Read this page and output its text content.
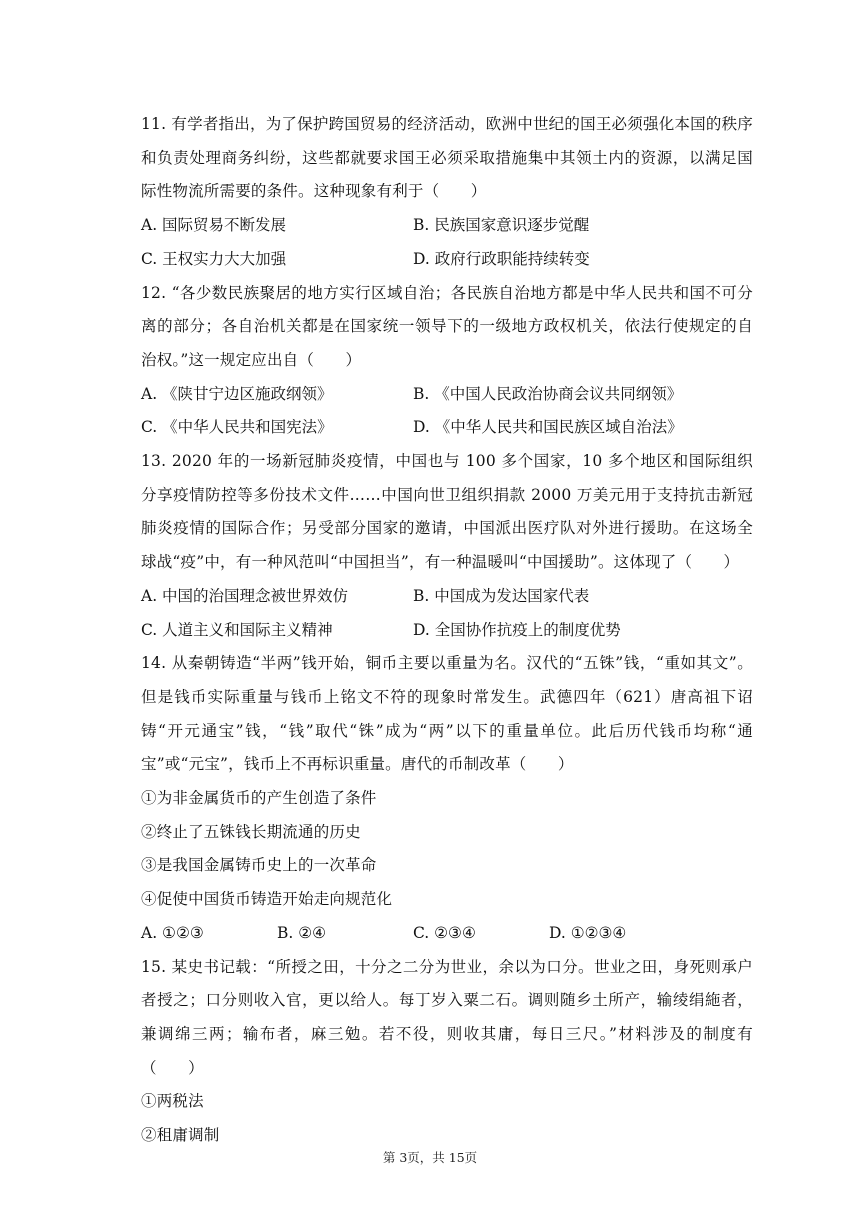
11. 有学者指出，为了保护跨国贸易的经济活动，欧洲中世纪的国王必须强化本国的秩序和负责处理商务纠纷，这些都就要求国王必须采取措施集中其领土内的资源，以满足国际性物流所需要的条件。这种现象有利于（　　）

A. 国际贸易不断发展	B. 民族国家意识逐步觉醒
C. 王权实力大大加强	D. 政府行政职能持续转变

12. “各少数民族聚居的地方实行区域自治；各民族自治地方都是中华人民共和国不可分离的部分；各自治机关都是在国家统一领导下的一级地方政权机关，依法行使规定的自治权。”这一规定应出自（　　）

A. 《陕甘宁边区施政纲领》	B. 《中国人民政治协商会议共同纲领》
C. 《中华人民共和国宪法》	D. 《中华人民共和国民族区域自治法》

13. 2020 年的一场新冠肺炎疫情，中国也与 100 多个国家，10 多个地区和国际组织分享疫情防控等多份技术文件……中国向世卫组织捐款 2000 万美元用于支持抗击新冠肺炎疫情的国际合作；另受部分国家的邀请，中国派出医疗队对外进行援助。在这场全球战“疫”中，有一种风范叫“中国担当”，有一种温暖叫“中国援助”。这体现了（　　）

A. 中国的治国理念被世界效仿	B. 中国成为发达国家代表
C. 人道主义和国际主义精神	D. 全国协作抗疫上的制度优势

14. 从秦朝铸造“半两”钱开始，铜币主要以重量为名。汉代的“五铢”钱，“重如其文”。但是钱币实际重量与钱币上铭文不符的现象时常发生。武德四年（621）唐高祖下诏铸“开元通宝”钱，“钱”取代“铢”成为“两”以下的重量单位。此后历代钱币均称“通宝”或“元宝”，钱币上不再标识重量。唐代的币制改革（　　）

①为非金属货币的产生创造了条件

②终止了五铢钱长期流通的历史

③是我国金属铸币史上的一次革命

④促使中国货币铸造开始走向规范化

A. ①②③	B. ②④	C. ②③④	D. ①②③④

15. 某史书记载：“所授之田，十分之二分为世业，余以为口分。世业之田，身死则承户者授之；口分则收入官，更以给人。每丁岁入粟二石。调则随乡土所产，输绫绢絁者，兼调绵三两；输布者，麻三勉。若不役，则收其庸，每日三尺。”材料涉及的制度有（　　）

①两税法

②租庸调制

第 3页，共 15页
